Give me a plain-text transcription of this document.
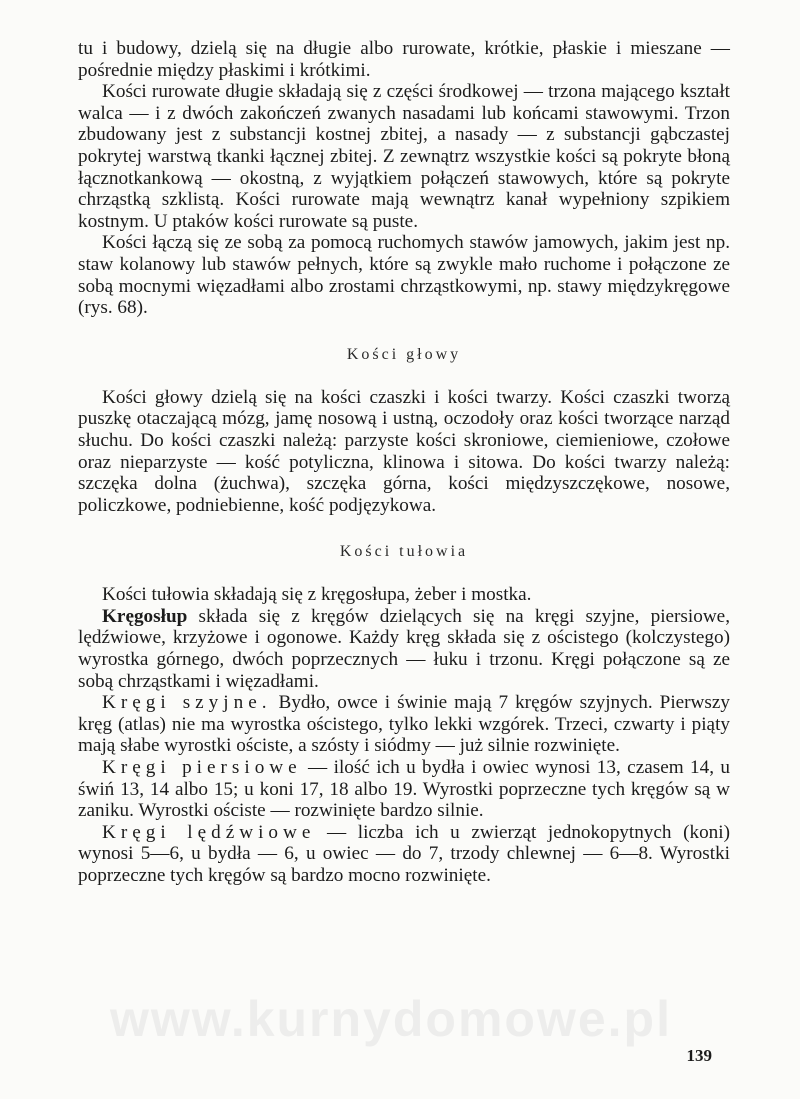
tu i budowy, dzielą się na długie albo rurowate, krótkie, płaskie i mieszane — pośrednie między płaskimi i krótkimi.

Kości rurowate długie składają się z części środkowej — trzona mającego kształt walca — i z dwóch zakończeń zwanych nasadami lub końcami stawowymi. Trzon zbudowany jest z substancji kostnej zbitej, a nasady — z substancji gąbczastej pokrytej warstwą tkanki łącznej zbitej. Z zewnątrz wszystkie kości są pokryte błoną łącznotkankową — okostną, z wyjątkiem połączeń stawowych, które są pokryte chrząstką szklistą. Kości rurowate mają wewnątrz kanał wypełniony szpikiem kostnym. U ptaków kości rurowate są puste.

Kości łączą się ze sobą za pomocą ruchomych stawów jamowych, jakim jest np. staw kolanowy lub stawów pełnych, które są zwykle mało ruchome i połączone ze sobą mocnymi więzadłami albo zrostami chrząstkowymi, np. stawy międzykręgowe (rys. 68).

Kości głowy

Kości głowy dzielą się na kości czaszki i kości twarzy. Kości czaszki tworzą puszkę otaczającą mózg, jamę nosową i ustną, oczodoły oraz kości tworzące narząd słuchu. Do kości czaszki należą: parzyste kości skroniowe, ciemieniowe, czołowe oraz nieparzyste — kość potyliczna, klinowa i sitowa. Do kości twarzy należą: szczęka dolna (żuchwa), szczęka górna, kości międzyszczękowe, nosowe, policzkowe, podniebienne, kość podjęzykowa.

Kości tułowia

Kości tułowia składają się z kręgosłupa, żeber i mostka.

Kręgosłup składa się z kręgów dzielących się na kręgi szyjne, piersiowe, lędźwiowe, krzyżowe i ogonowe. Każdy kręg składa się z ościstego (kolczystego) wyrostka górnego, dwóch poprzecznych — łuku i trzonu. Kręgi połączone są ze sobą chrząstkami i więzadłami.

Kręgi szyjne. Bydło, owce i świnie mają 7 kręgów szyjnych. Pierwszy kręg (atlas) nie ma wyrostka ościstego, tylko lekki wzgórek. Trzeci, czwarty i piąty mają słabe wyrostki ościste, a szósty i siódmy — już silnie rozwinięte.

Kręgi piersiowe — ilość ich u bydła i owiec wynosi 13, czasem 14, u świń 13, 14 albo 15; u koni 17, 18 albo 19. Wyrostki poprzeczne tych kręgów są w zaniku. Wyrostki ościste — rozwinięte bardzo silnie.

Kręgi lędźwiowe — liczba ich u zwierząt jednokopytnych (koni) wynosi 5—6, u bydła — 6, u owiec — do 7, trzody chlewnej — 6—8. Wyrostki poprzeczne tych kręgów są bardzo mocno rozwinięte.

www.kurnydomowe.pl
139
